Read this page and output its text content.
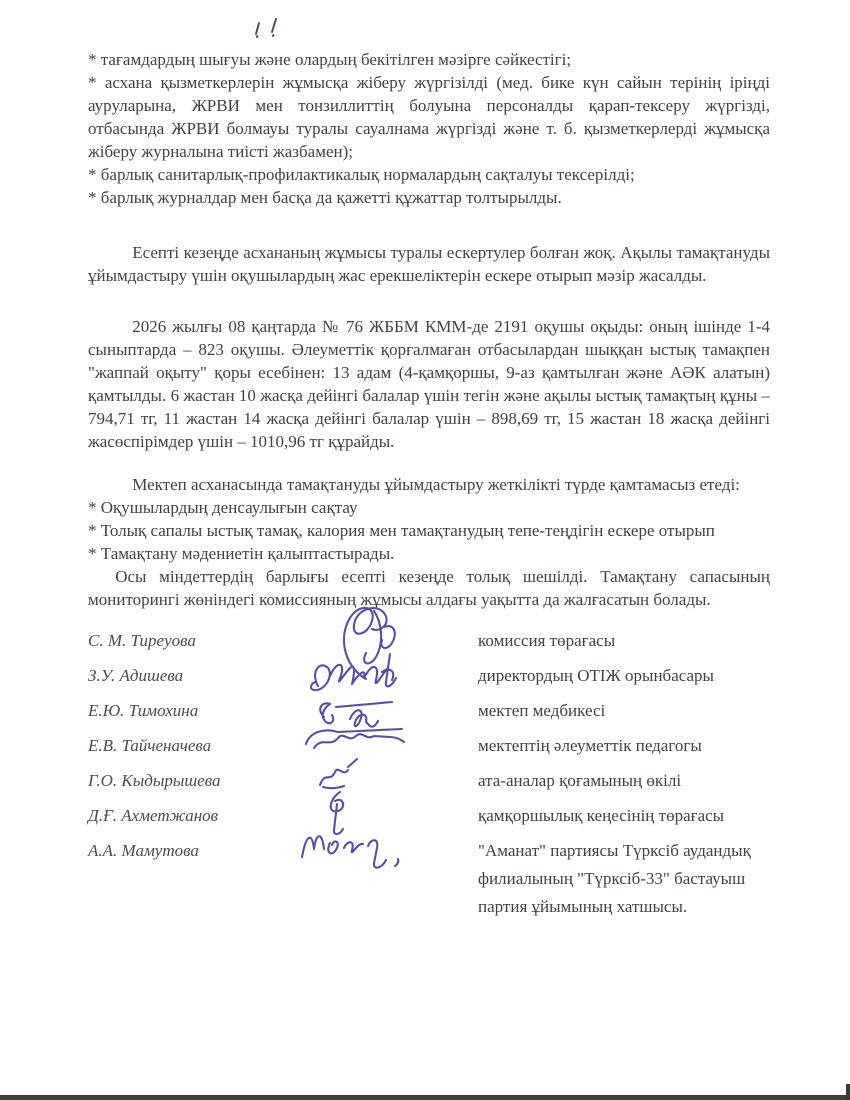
* тағамдардың шығуы және олардың бекітілген мәзірге сәйкестігі;

* асхана қызметкерлерін жұмысқа жіберу жүргізілді (мед. бике күн сайын терінің іріңді ауруларына, ЖРВИ мен тонзиллиттің болуына персоналды қарап-тексеру жүргізді, отбасында ЖРВИ болмауы туралы сауалнама жүргізді және т. б. қызметкерлерді жұмысқа жіберу журналына тиісті жазбамен);

* барлық санитарлық-профилактикалық нормалардың сақталуы тексерілді;

* барлық журналдар мен басқа да қажетті құжаттар толтырылды.

Есепті кезеңде асхананың жұмысы туралы ескертулер болған жоқ. Ақылы тамақтануды ұйымдастыру үшін оқушылардың жас ерекшеліктерін ескере отырып мәзір жасалды.

2026 жылғы 08 қаңтарда № 76 ЖББМ КММ-де 2191 оқушы оқыды: оның ішінде 1-4 сыныптарда – 823 оқушы. Әлеуметтік қорғалмаған отбасылардан шыққан ыстық тамақпен "жаппай оқыту" қоры есебінен: 13 адам (4-қамқоршы, 9-аз қамтылған және АӘК алатын) қамтылды. 6 жастан 10 жасқа дейінгі балалар үшін тегін және ақылы ыстық тамақтың құны – 794,71 тг, 11 жастан 14 жасқа дейінгі балалар үшін – 898,69 тг, 15 жастан 18 жасқа дейінгі жасөспірімдер үшін – 1010,96 тг құрайды.

Мектеп асханасында тамақтануды ұйымдастыру жеткілікті түрде қамтамасыз етеді:

* Оқушылардың денсаулығын сақтау

* Толық сапалы ыстық тамақ, калория мен тамақтанудың тепе-теңдігін ескере отырып

* Тамақтану мәдениетін қалыптастырады.

Осы міндеттердің барлығы есепті кезеңде толық шешілді. Тамақтану сапасының мониторингі жөніндегі комиссияның жұмысы алдағы уақытта да жалғасатын болады.

С. М. Тиреуова	комиссия төрағасы
З.У. Адишева	директордың ОТІЖ орынбасары
Е.Ю. Тимохина	мектеп медбикесі
Е.В. Тайченачева	мектептің әлеуметтік педагогы
Г.О. Кыдырышева	ата-аналар қоғамының өкілі
Д.Ғ. Ахметжанов	қамқоршылық кеңесінің төрағасы
А.А. Мамутова	"Аманат" партиясы Түрксіб аудандық филиалының "Түрксіб-33" бастауыш партия ұйымының хатшысы.
